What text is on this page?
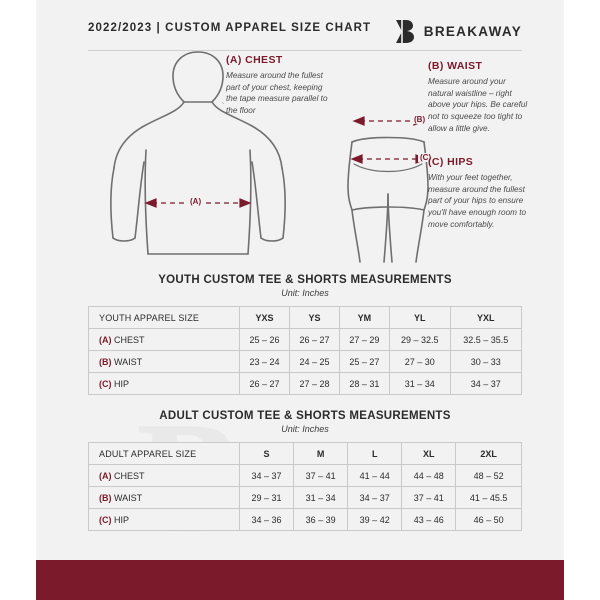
2022/2023 | CUSTOM APPAREL SIZE CHART	BREAKAWAY
(A)
(B)
(C)
(A) CHEST
Measure around the fullest part of your chest, keeping the tape measure parallel to the floor
(B) WAIST
Measure around your natural waistline – right above your hips. Be careful not to squeeze too tight to allow a little give.
(C) HIPS
With your feet together, measure around the fullest part of your hips to ensure you'll have enough room to move comfortably.
YOUTH CUSTOM TEE & SHORTS MEASUREMENTS
Unit: Inches
YOUTH APPAREL SIZE	YXS	YS	YM	YL	YXL
(A) CHEST	25 – 26	26 – 27	27 – 29	29 – 32.5	32.5 – 35.5
(B) WAIST	23 – 24	24 – 25	25 – 27	27 – 30	30 – 33
(C) HIP	26 – 27	27 – 28	28 – 31	31 – 34	34 – 37
ADULT CUSTOM TEE & SHORTS MEASUREMENTS
Unit: Inches
ADULT APPAREL SIZE	S	M	L	XL	2XL
(A) CHEST	34 – 37	37 – 41	41 – 44	44 – 48	48 – 52
(B) WAIST	29 – 31	31 – 34	34 – 37	37 – 41	41 – 45.5
(C) HIP	34 – 36	36 – 39	39 – 42	43 – 46	46 – 50
